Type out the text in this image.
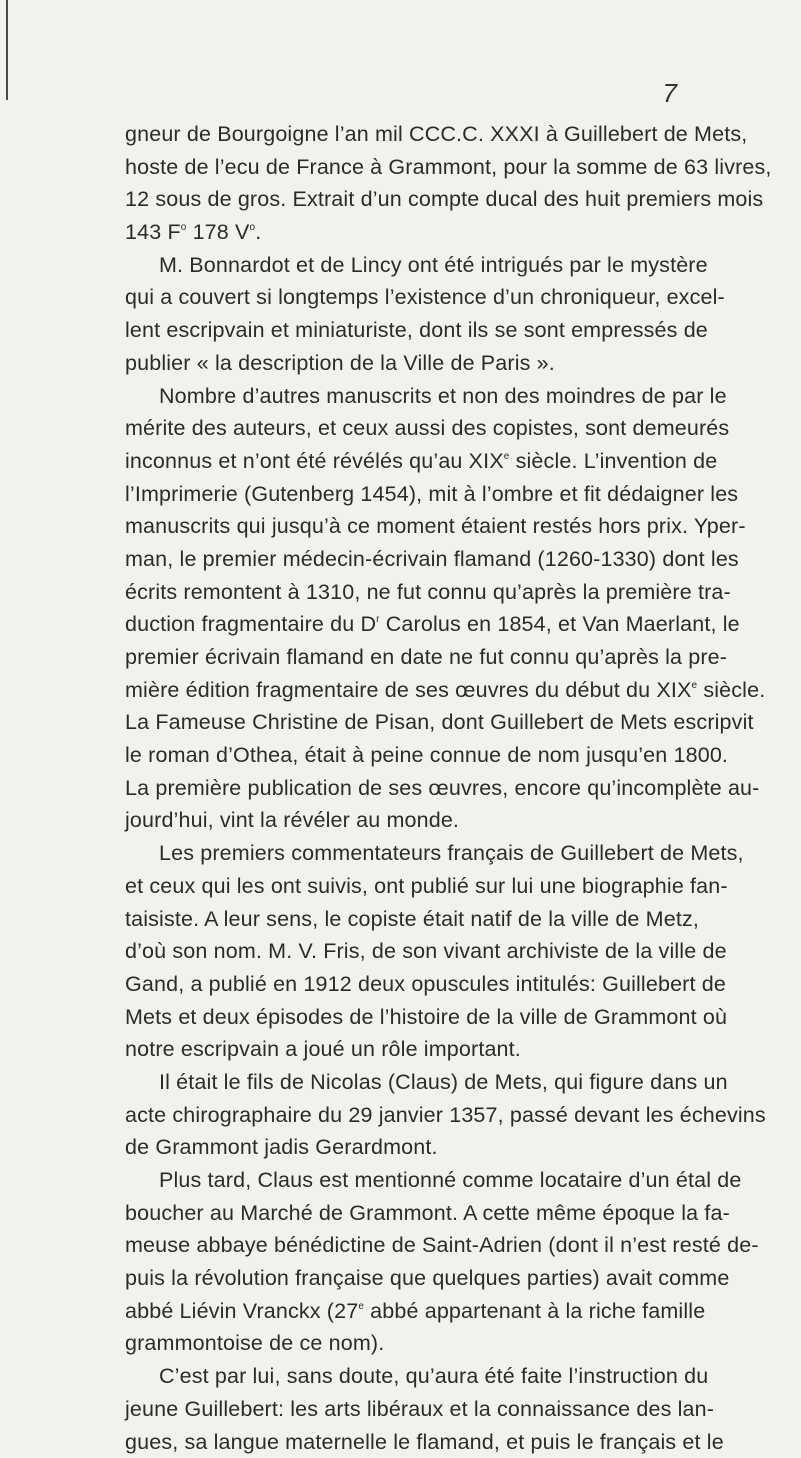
7
gneur de Bourgoigne l’an mil CCC.C. XXXI à Guillebert de Mets,
hoste de l’ecu de France à Grammont, pour la somme de 63 livres,
12 sous de gros. Extrait d’un compte ducal des huit premiers mois
143 $F^o$ 178 $V^o$.
M. Bonnardot et de Lincy ont été intrigués par le mystère
qui a couvert si longtemps l’existence d’un chroniqueur, excel-
lent escripvain et miniaturiste, dont ils se sont empressés de
publier « la description de la Ville de Paris ».
Nombre d’autres manuscrits et non des moindres de par le
mérite des auteurs, et ceux aussi des copistes, sont demeurés
inconnus et n’ont été révélés qu’au XIXe siècle. L’invention de
l’Imprimerie (Gutenberg 1454), mit à l’ombre et fit dédaigner les
manuscrits qui jusqu’à ce moment étaient restés hors prix. Yper-
man, le premier médecin-écrivain flamand (1260-1330) dont les
écrits remontent à 1310, ne fut connu qu’après la première tra-
duction fragmentaire du $D^r$ Carolus en 1854, et Van Maerlant, le
premier écrivain flamand en date ne fut connu qu’après la pre-
mière édition fragmentaire de ses œuvres du début du XIXe siècle.
La Fameuse Christine de Pisan, dont Guillebert de Mets escripvit
le roman d’Othea, était à peine connue de nom jusqu’en 1800.
La première publication de ses œuvres, encore qu’incomplète au-
jourd’hui, vint la révéler au monde.
Les premiers commentateurs français de Guillebert de Mets,
et ceux qui les ont suivis, ont publié sur lui une biographie fan-
taisiste. A leur sens, le copiste était natif de la ville de Metz,
d’où son nom. M. V. Fris, de son vivant archiviste de la ville de
Gand, a publié en 1912 deux opuscules intitulés: Guillebert de
Mets et deux épisodes de l’histoire de la ville de Grammont où
notre escripvain a joué un rôle important.
Il était le fils de Nicolas (Claus) de Mets, qui figure dans un
acte chirographaire du 29 janvier 1357, passé devant les échevins
de Grammont jadis Gerardmont.
Plus tard, Claus est mentionné comme locataire d’un étal de
boucher au Marché de Grammont. A cette même époque la fa-
meuse abbaye bénédictine de Saint-Adrien (dont il n’est resté de-
puis la révolution française que quelques parties) avait comme
abbé Liévin Vranckx (27e abbé appartenant à la riche famille
grammontoise de ce nom).
C’est par lui, sans doute, qu’aura été faite l’instruction du
jeune Guillebert: les arts libéraux et la connaissance des lan-
gues, sa langue maternelle le flamand, et puis le français et le
